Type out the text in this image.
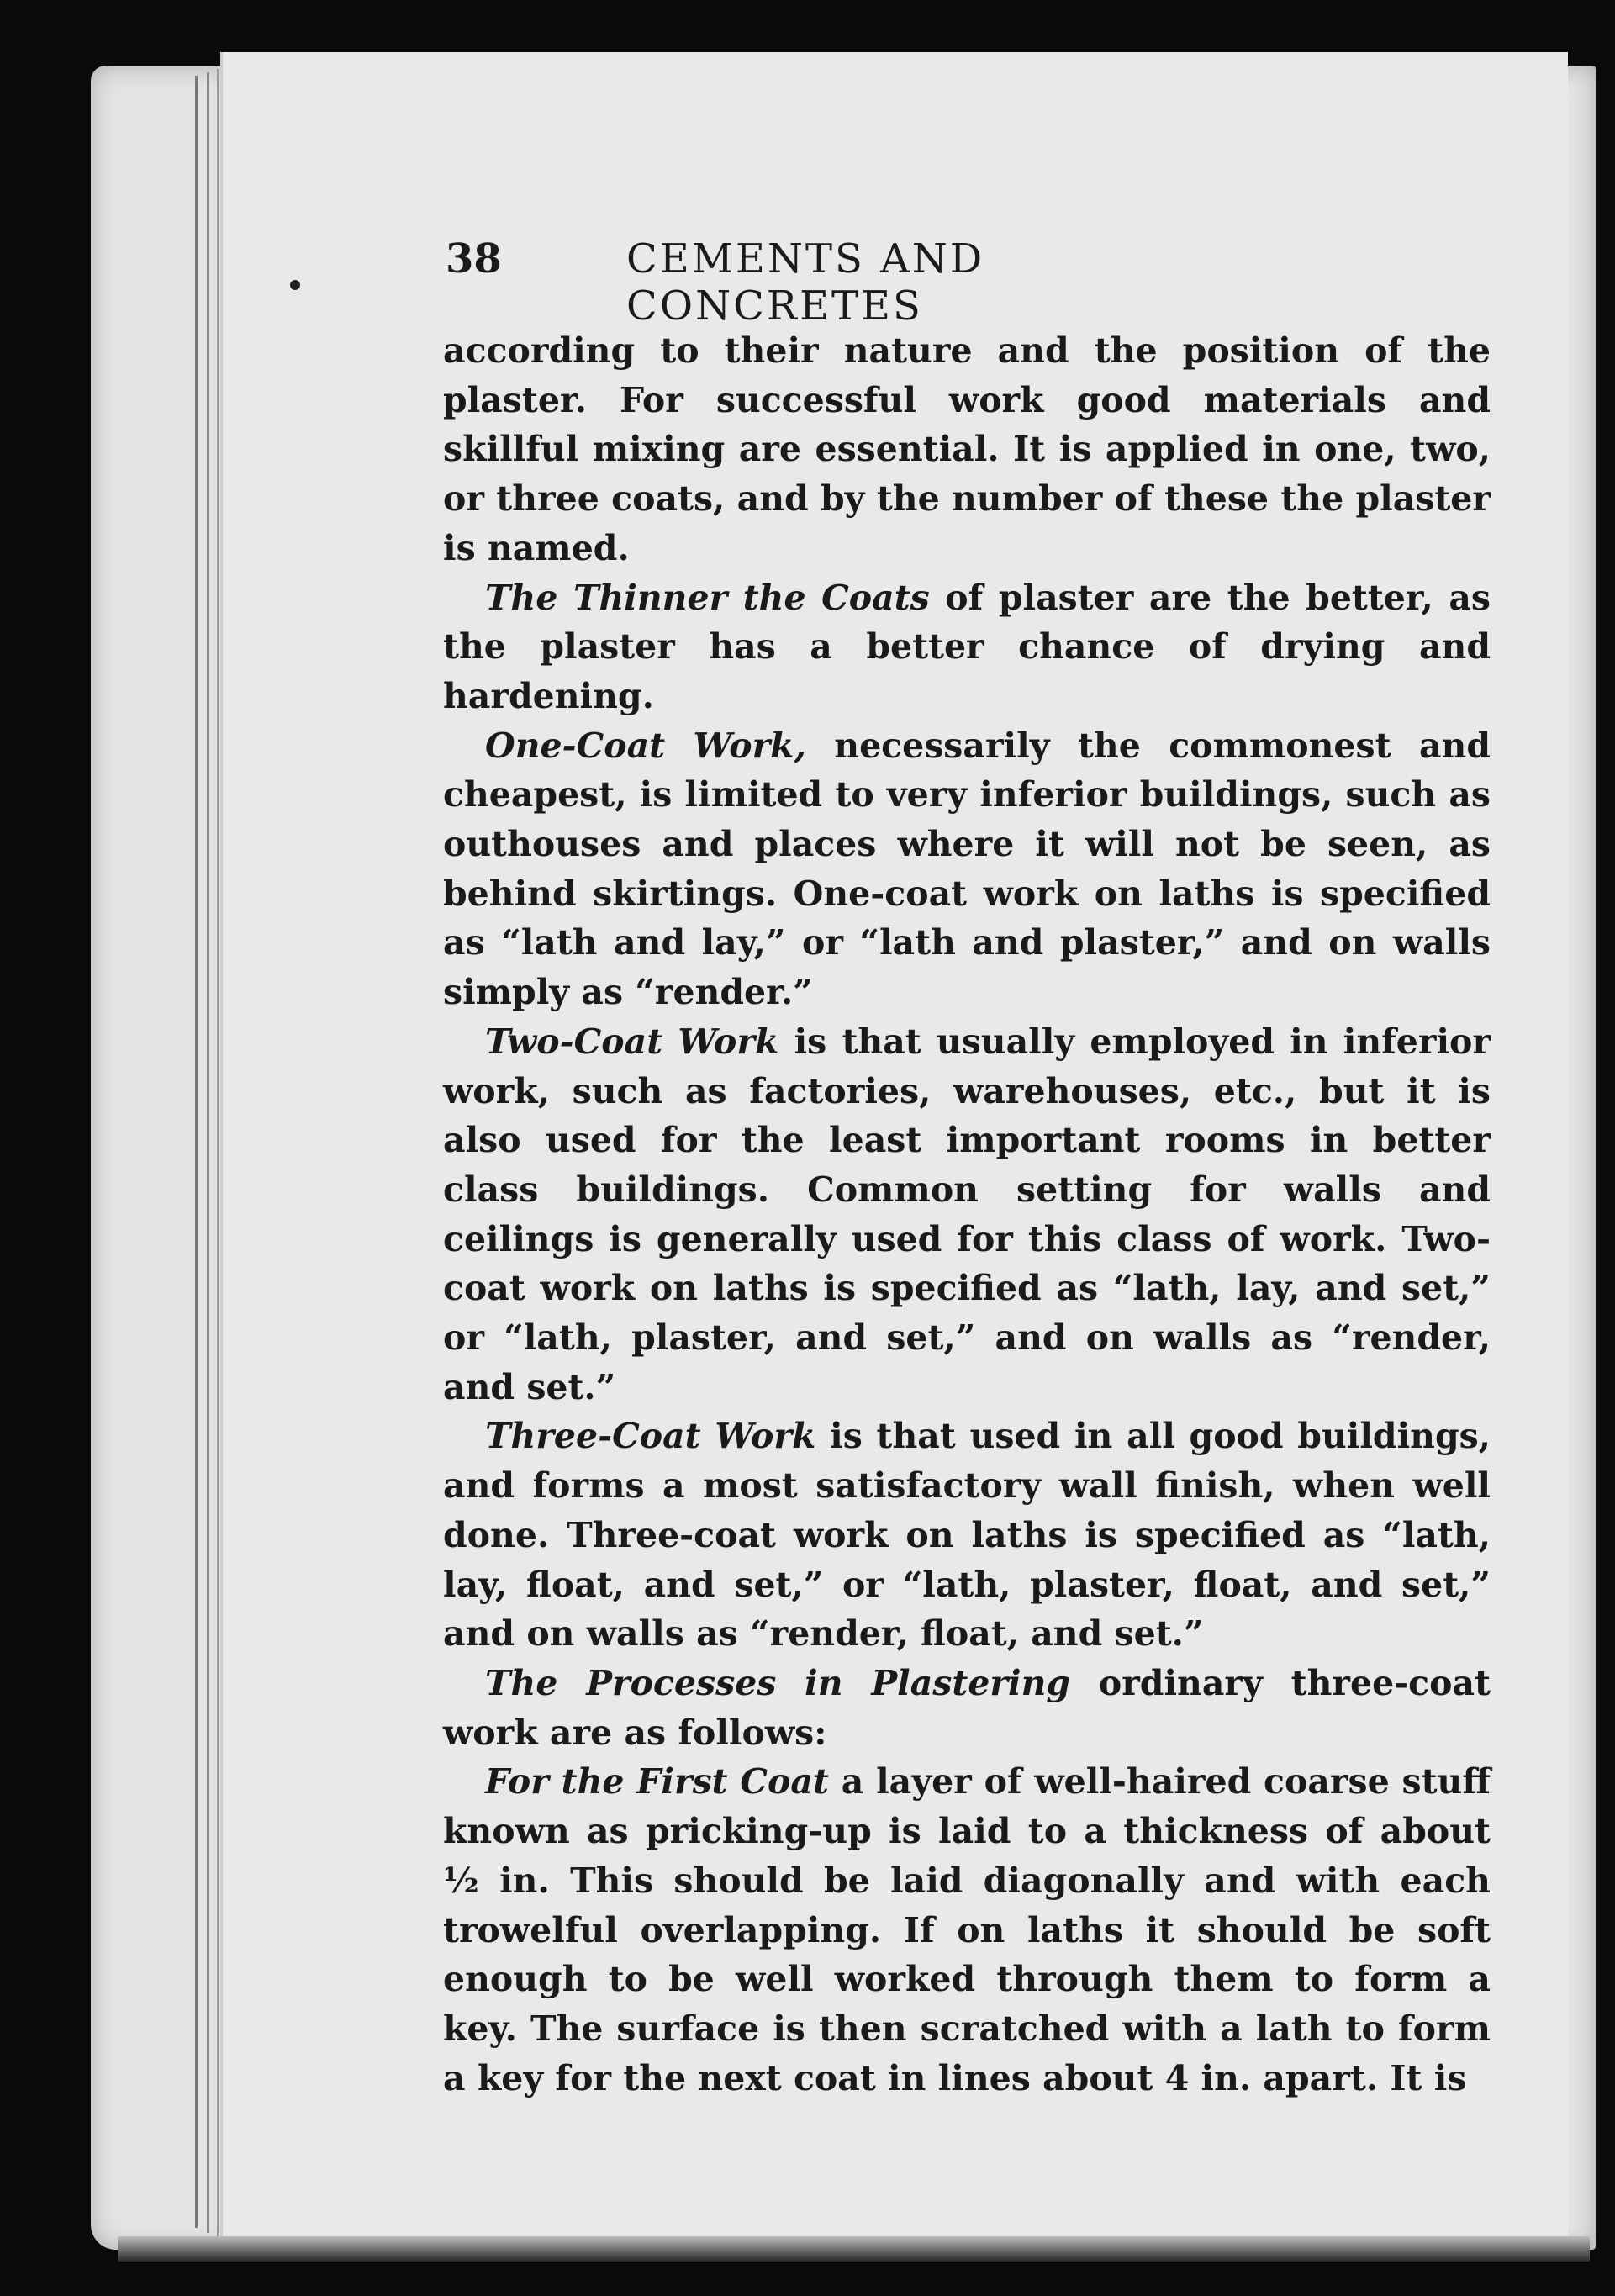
38	CEMENTS AND CONCRETES

according to their nature and the position of the plaster. For successful work good materials and skillful mixing are essential. It is applied in one, two, or three coats, and by the number of these the plaster is named.

The Thinner the Coats of plaster are the better, as the plaster has a better chance of drying and hardening.

One-Coat Work, necessarily the commonest and cheapest, is limited to very inferior buildings, such as outhouses and places where it will not be seen, as behind skirtings. One-coat work on laths is specified as “lath and lay,” or “lath and plaster,” and on walls simply as “render.”

Two-Coat Work is that usually employed in inferior work, such as factories, warehouses, etc., but it is also used for the least important rooms in better class buildings. Common setting for walls and ceilings is generally used for this class of work. Two-coat work on laths is specified as “lath, lay, and set,” or “lath, plaster, and set,” and on walls as “render, and set.”

Three-Coat Work is that used in all good buildings, and forms a most satisfactory wall finish, when well done. Three-coat work on laths is specified as “lath, lay, float, and set,” or “lath, plaster, float, and set,” and on walls as “render, float, and set.”

The Processes in Plastering ordinary three-coat work are as follows:

For the First Coat a layer of well-haired coarse stuff known as pricking-up is laid to a thickness of about ½ in. This should be laid diagonally and with each trowelful overlapping. If on laths it should be soft enough to be well worked through them to form a key. The surface is then scratched with a lath to form a key for the next coat in lines about 4 in. apart. It is
